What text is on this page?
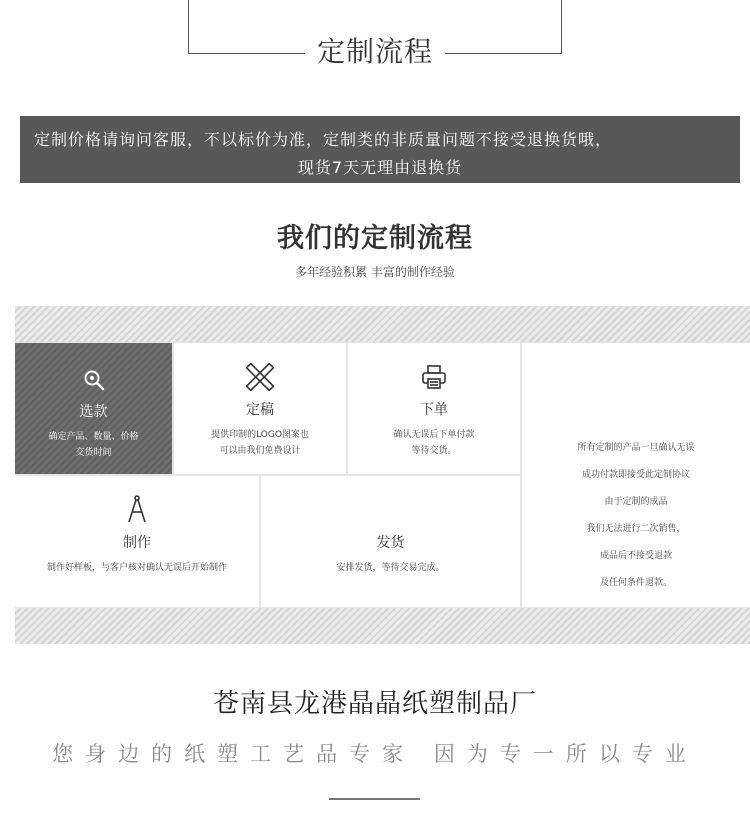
定制流程
定制价格请询问客服，不以标价为准，定制类的非质量问题不接受退换货哦，
现货7天无理由退换货
我们的定制流程
多年经验积累 丰富的制作经验
选款
确定产品、数量、价格
交货时间
定稿
提供印制的LOGO图案也
可以由我们免费设计
下单
确认无误后下单付款
等待交货。
制作
制作好样板，与客户核对确认无误后开始制作
发货
安排发货，等待交易完成。
所有定制的产品一旦确认无误
成功付款即接受此定制协议
由于定制的成品
我们无法进行二次销售，
成品后不接受退款
及任何条件退款。
苍南县龙港晶晶纸塑制品厂
您身边的纸塑工艺品专家 因为专一所以专业
